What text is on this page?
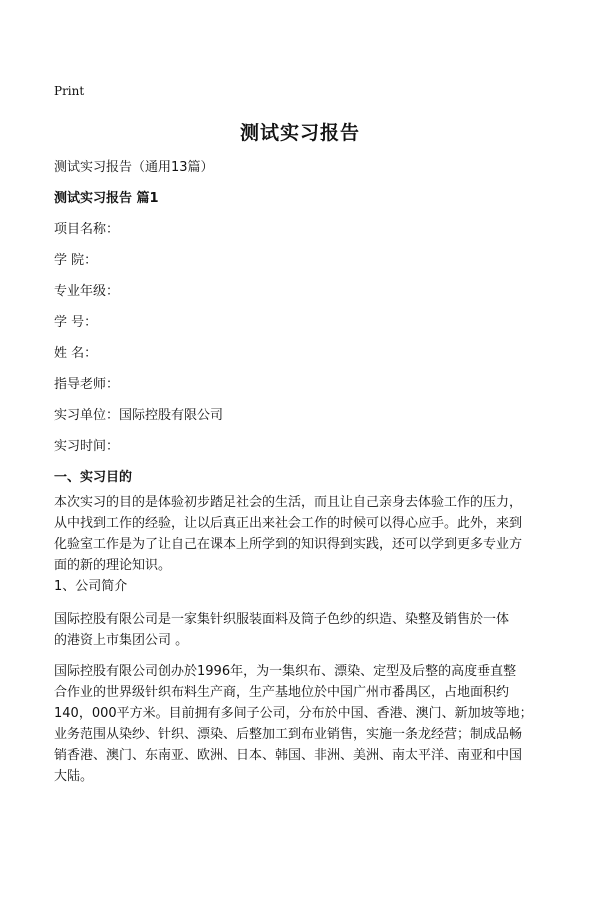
Print
测试实习报告
测试实习报告（通用13篇）
测试实习报告 篇1
项目名称：
学 院：
专业年级：
学 号：
姓 名：
指导老师：
实习单位：国际控股有限公司
实习时间：
一、实习目的
本次实习的目的是体验初步踏足社会的生活，而且让自己亲身去体验工作的压力，
从中找到工作的经验，让以后真正出来社会工作的时候可以得心应手。此外，来到
化验室工作是为了让自己在课本上所学到的知识得到实践，还可以学到更多专业方
面的新的理论知识。
1、公司简介
国际控股有限公司是一家集针织服装面料及筒子色纱的织造、染整及销售於一体
的港资上市集团公司 。
国际控股有限公司创办於1996年，为一集织布、漂染、定型及后整的高度垂直整
合作业的世界级针织布料生产商，生产基地位於中国广州市番禺区，占地面积约
140，000平方米。目前拥有多间子公司，分布於中国、香港、澳门、新加坡等地；
业务范围从染纱、针织、漂染、后整加工到布业销售，实施一条龙经营；制成品畅
销香港、澳门、东南亚、欧洲、日本、韩国、非洲、美洲、南太平洋、南亚和中国
大陆。
